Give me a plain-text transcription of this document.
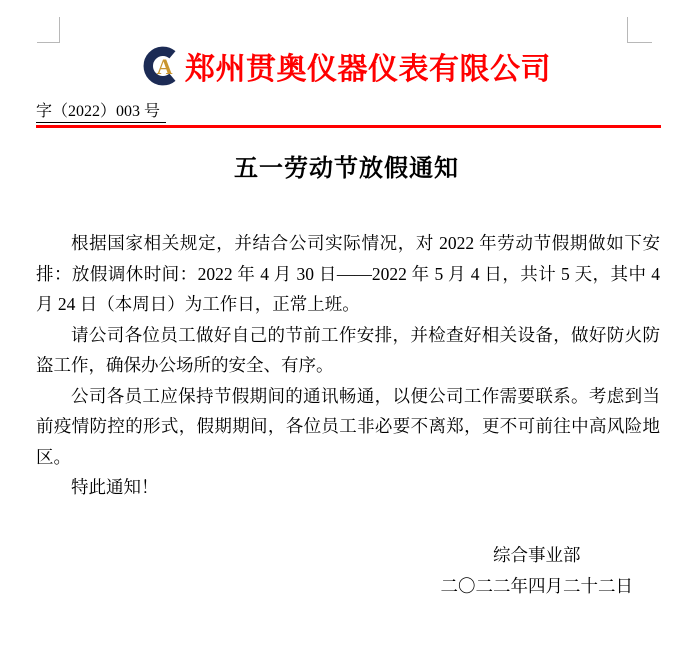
A 郑州贯奥仪器仪表有限公司
字（2022）003 号
五一劳动节放假通知

根据国家相关规定，并结合公司实际情况，对 2022 年劳动节假期做如下安排：放假调休时间：2022 年 4 月 30 日——2022 年 5 月 4 日，共计 5 天，其中 4 月 24 日（本周日）为工作日，正常上班。

请公司各位员工做好自己的节前工作安排，并检查好相关设备，做好防火防盗工作，确保办公场所的安全、有序。

公司各员工应保持节假期间的通讯畅通，以便公司工作需要联系。考虑到当前疫情防控的形式，假期期间，各位员工非必要不离郑，更不可前往中高风险地区。

特此通知！

综合事业部
二〇二二年四月二十二日
